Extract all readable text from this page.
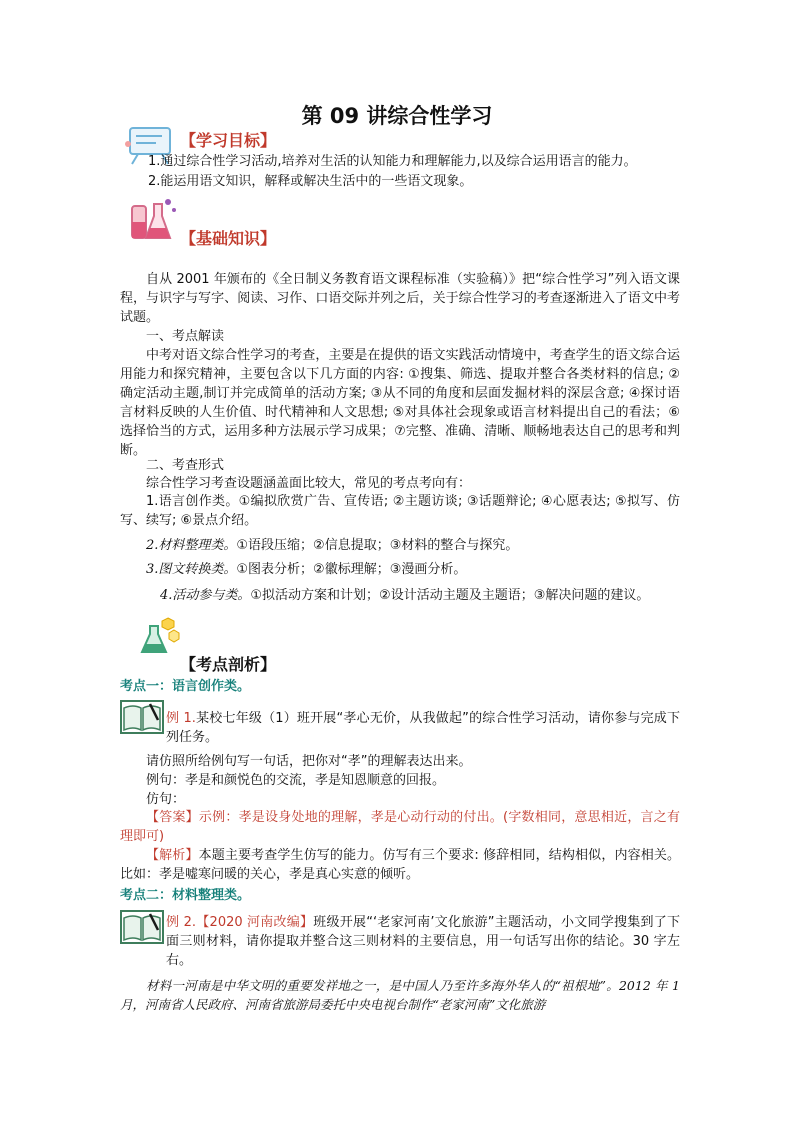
第 09 讲综合性学习
【学习目标】
1.通过综合性学习活动,培养对生活的认知能力和理解能力,以及综合运用语言的能力。
2.能运用语文知识，解释或解决生活中的一些语文现象。
【基础知识】
自从 2001 年颁布的《全日制义务教育语文课程标准（实验稿）》把“综合性学习”列入语文课程，与识字与写字、阅读、习作、口语交际并列之后，关于综合性学习的考查逐渐进入了语文中考试题。
一、考点解读
中考对语文综合性学习的考查，主要是在提供的语文实践活动情境中，考查学生的语文综合运用能力和探究精神，主要包含以下几方面的内容: ①搜集、筛选、提取并整合各类材料的信息; ②确定活动主题,制订并完成简单的活动方案; ③从不同的角度和层面发掘材料的深层含意; ④探讨语言材料反映的人生价值、时代精神和人文思想; ⑤对具体社会现象或语言材料提出自己的看法；⑥选择恰当的方式，运用多种方法展示学习成果；⑦完整、准确、清晰、顺畅地表达自己的思考和判断。
二、考查形式
综合性学习考查设题涵盖面比较大，常见的考点考向有：
1.语言创作类。①编拟欣赏广告、宣传语; ②主题访谈; ③话题辩论; ④心愿表达; ⑤拟写、仿写、续写; ⑥景点介绍。
2.材料整理类。①语段压缩；②信息提取；③材料的整合与探究。
3.图文转换类。①图表分析；②徽标理解；③漫画分析。
4.活动参与类。①拟活动方案和计划；②设计活动主题及主题语；③解决问题的建议。
【考点剖析】
考点一：语言创作类。
例 1.某校七年级（1）班开展“孝心无价，从我做起”的综合性学习活动，请你参与完成下列任务。
请仿照所给例句写一句话，把你对“孝”的理解表达出来。
例句：孝是和颜悦色的交流，孝是知恩顺意的回报。
仿句：
【答案】示例：孝是设身处地的理解，孝是心动行动的付出。(字数相同，意思相近，言之有理即可)
【解析】本题主要考查学生仿写的能力。仿写有三个要求: 修辞相同，结构相似，内容相关。比如：孝是嘘寒问暖的关心，孝是真心实意的倾听。
考点二：材料整理类。
例 2.【2020 河南改编】班级开展“‘老家河南’文化旅游”主题活动，小文同学搜集到了下面三则材料，请你提取并整合这三则材料的主要信息，用一句话写出你的结论。30 字左右。
材料一河南是中华文明的重要发祥地之一，是中国人乃至许多海外华人的“祖根地”。2012 年 1 月，河南省人民政府、河南省旅游局委托中央电视台制作“老家河南”文化旅游
